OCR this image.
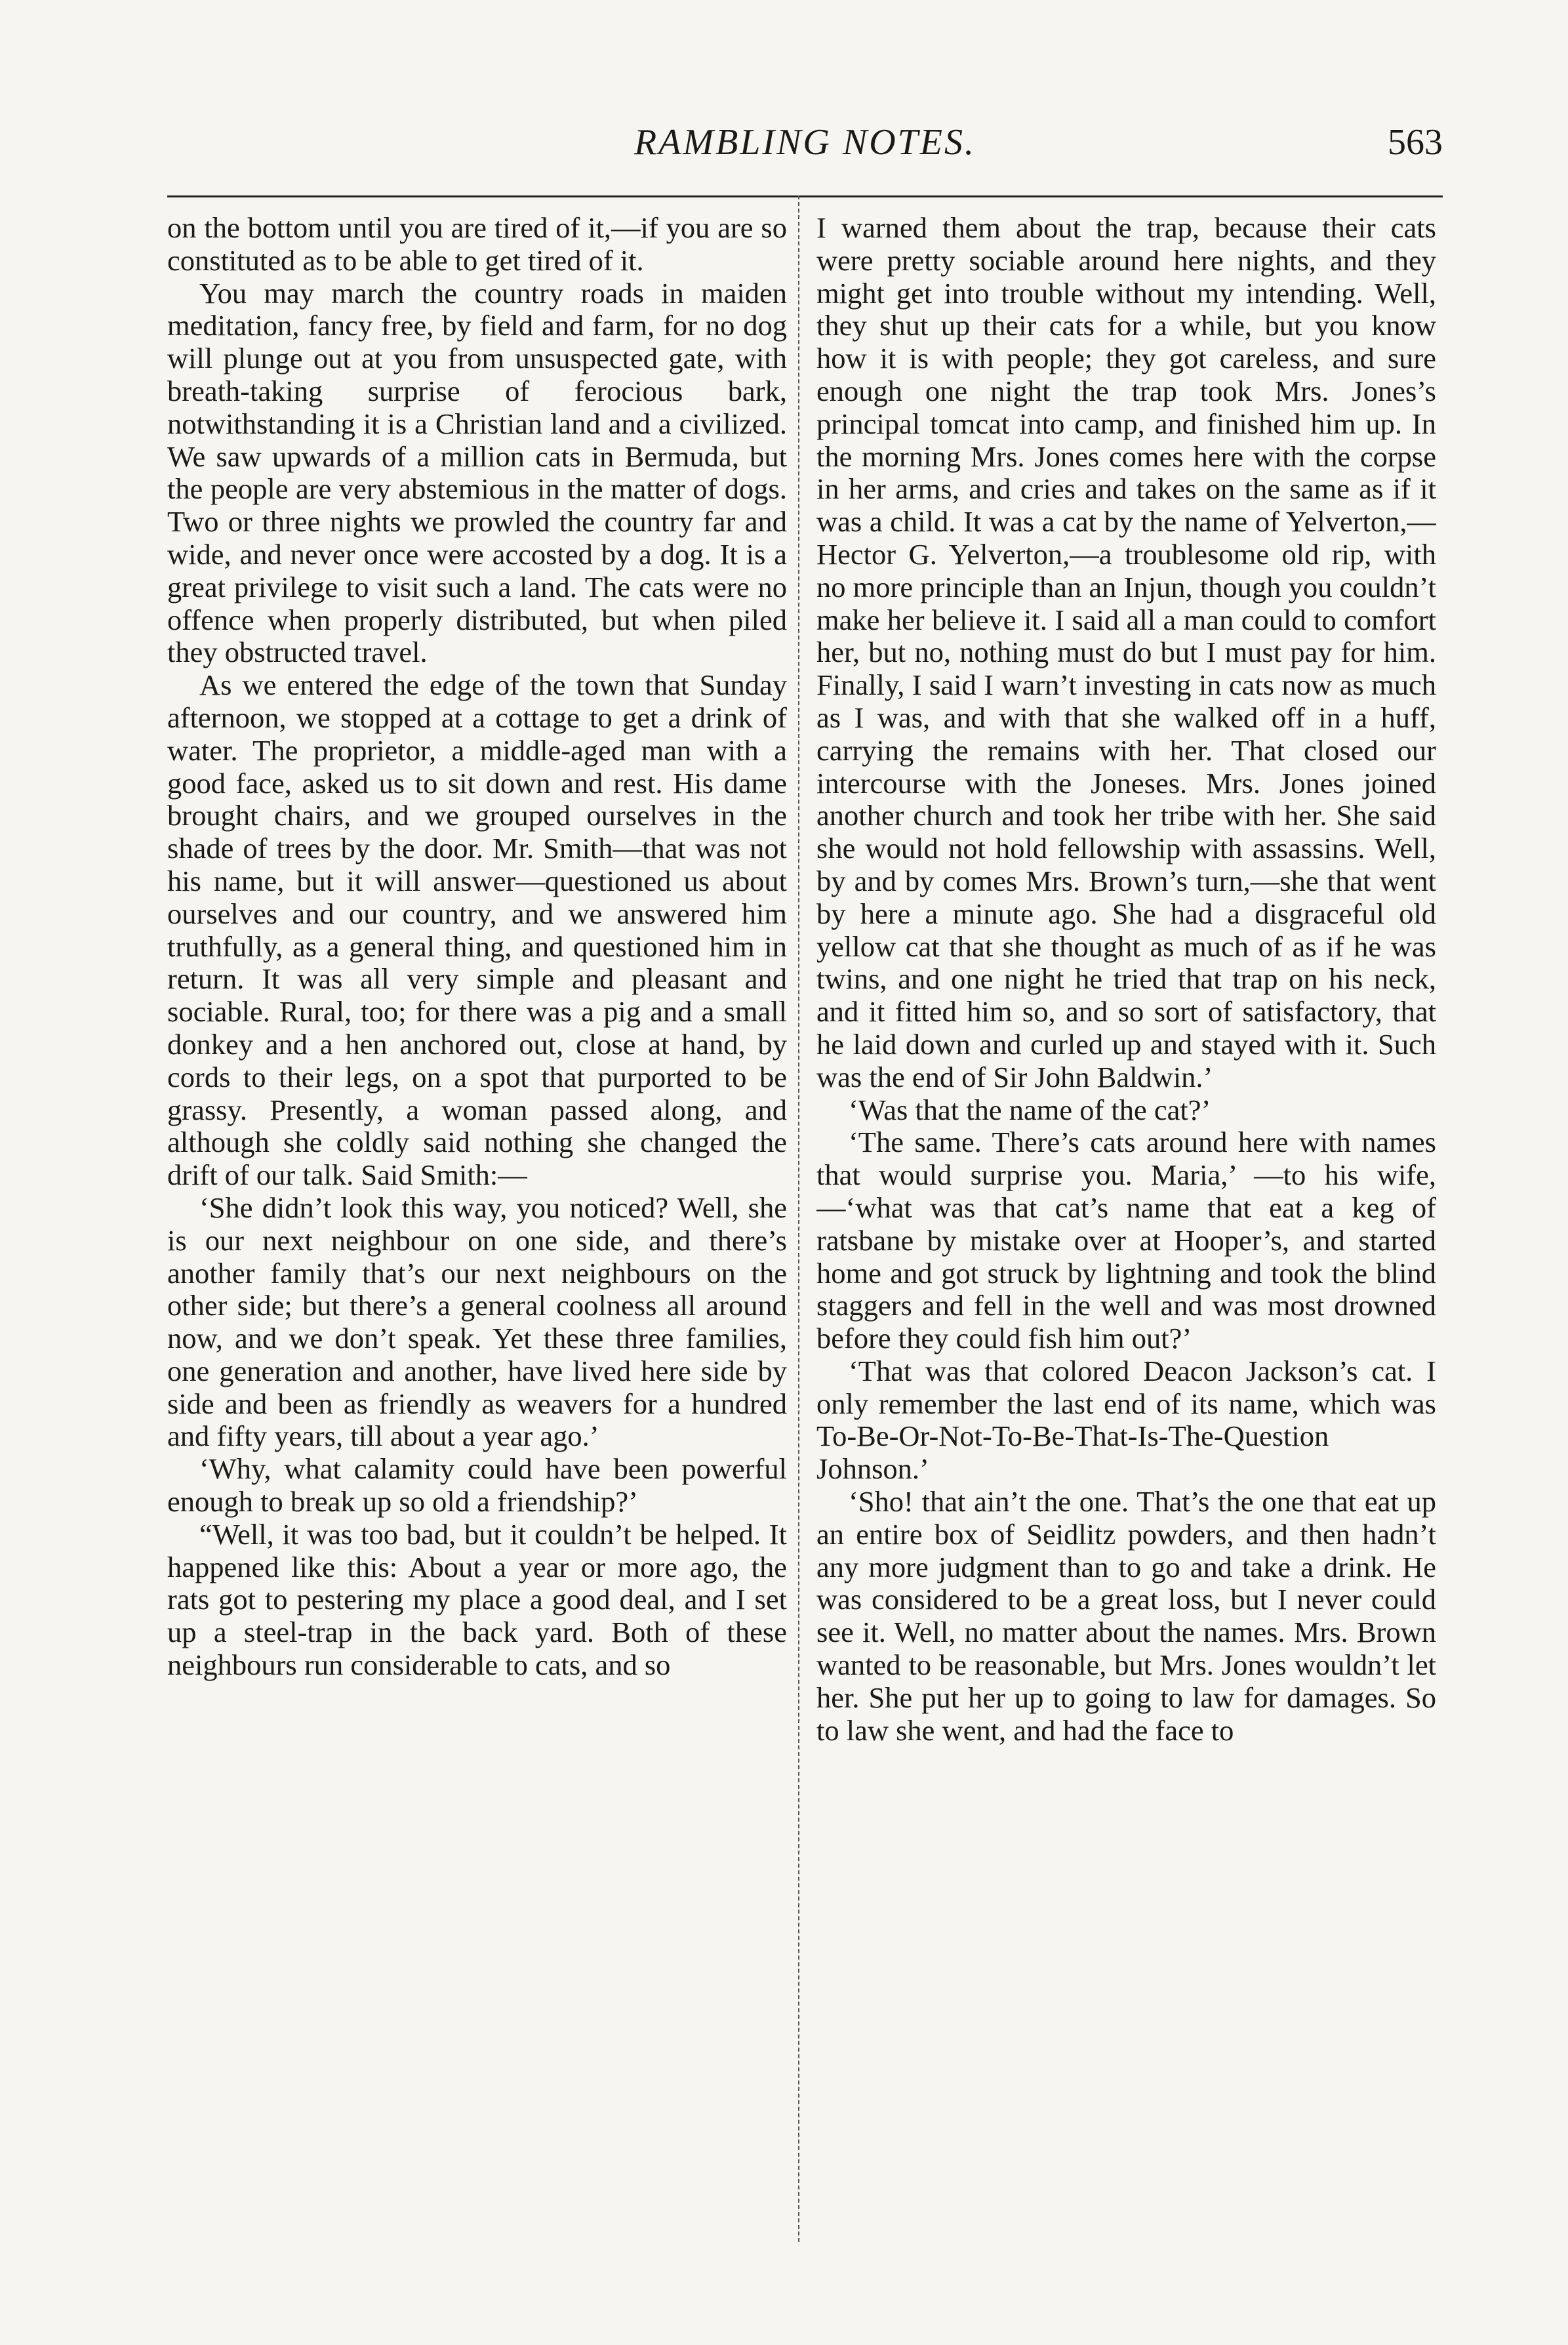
RAMBLING NOTES.	563

on the bottom until you are tired of it,—if you are so constituted as to be able to get tired of it.

You may march the country roads in maiden meditation, fancy free, by field and farm, for no dog will plunge out at you from unsuspected gate, with breath-taking surprise of ferocious bark, notwithstanding it is a Christian land and a civilized. We saw upwards of a million cats in Bermuda, but the people are very abstemious in the matter of dogs. Two or three nights we prowled the country far and wide, and never once were accosted by a dog. It is a great privilege to visit such a land. The cats were no offence when properly distributed, but when piled they obstructed travel.

As we entered the edge of the town that Sunday afternoon, we stopped at a cottage to get a drink of water. The proprietor, a middle-aged man with a good face, asked us to sit down and rest. His dame brought chairs, and we grouped ourselves in the shade of trees by the door. Mr. Smith—that was not his name, but it will answer—questioned us about ourselves and our country, and we answered him truthfully, as a general thing, and questioned him in return. It was all very simple and pleasant and sociable. Rural, too; for there was a pig and a small donkey and a hen anchored out, close at hand, by cords to their legs, on a spot that purported to be grassy. Presently, a woman passed along, and although she coldly said nothing she changed the drift of our talk. Said Smith:—

‘She didn’t look this way, you noticed? Well, she is our next neighbour on one side, and there’s another family that’s our next neighbours on the other side; but there’s a general coolness all around now, and we don’t speak. Yet these three families, one generation and another, have lived here side by side and been as friendly as weavers for a hundred and fifty years, till about a year ago.’

‘Why, what calamity could have been powerful enough to break up so old a friendship?’

“Well, it was too bad, but it couldn’t be helped. It happened like this: About a year or more ago, the rats got to pestering my place a good deal, and I set up a steel-trap in the back yard. Both of these neighbours run considerable to cats, and so

I warned them about the trap, because their cats were pretty sociable around here nights, and they might get into trouble without my intending. Well, they shut up their cats for a while, but you know how it is with people; they got careless, and sure enough one night the trap took Mrs. Jones’s principal tomcat into camp, and finished him up. In the morning Mrs. Jones comes here with the corpse in her arms, and cries and takes on the same as if it was a child. It was a cat by the name of Yelverton,—Hector G. Yelverton,—a troublesome old rip, with no more principle than an Injun, though you couldn’t make her believe it. I said all a man could to comfort her, but no, nothing must do but I must pay for him. Finally, I said I warn’t investing in cats now as much as I was, and with that she walked off in a huff, carrying the remains with her. That closed our intercourse with the Joneses. Mrs. Jones joined another church and took her tribe with her. She said she would not hold fellowship with assassins. Well, by and by comes Mrs. Brown’s turn,—she that went by here a minute ago. She had a disgraceful old yellow cat that she thought as much of as if he was twins, and one night he tried that trap on his neck, and it fitted him so, and so sort of satisfactory, that he laid down and curled up and stayed with it. Such was the end of Sir John Baldwin.’

‘Was that the name of the cat?’

‘The same. There’s cats around here with names that would surprise you. Maria,’ —to his wife,—‘what was that cat’s name that eat a keg of ratsbane by mistake over at Hooper’s, and started home and got struck by lightning and took the blind staggers and fell in the well and was most drowned before they could fish him out?’

‘That was that colored Deacon Jackson’s cat. I only remember the last end of its name, which was To-Be-Or-Not-To-Be-That-Is-The-Question Johnson.’

‘Sho! that ain’t the one. That’s the one that eat up an entire box of Seidlitz powders, and then hadn’t any more judgment than to go and take a drink. He was considered to be a great loss, but I never could see it. Well, no matter about the names. Mrs. Brown wanted to be reasonable, but Mrs. Jones wouldn’t let her. She put her up to going to law for damages. So to law she went, and had the face to
